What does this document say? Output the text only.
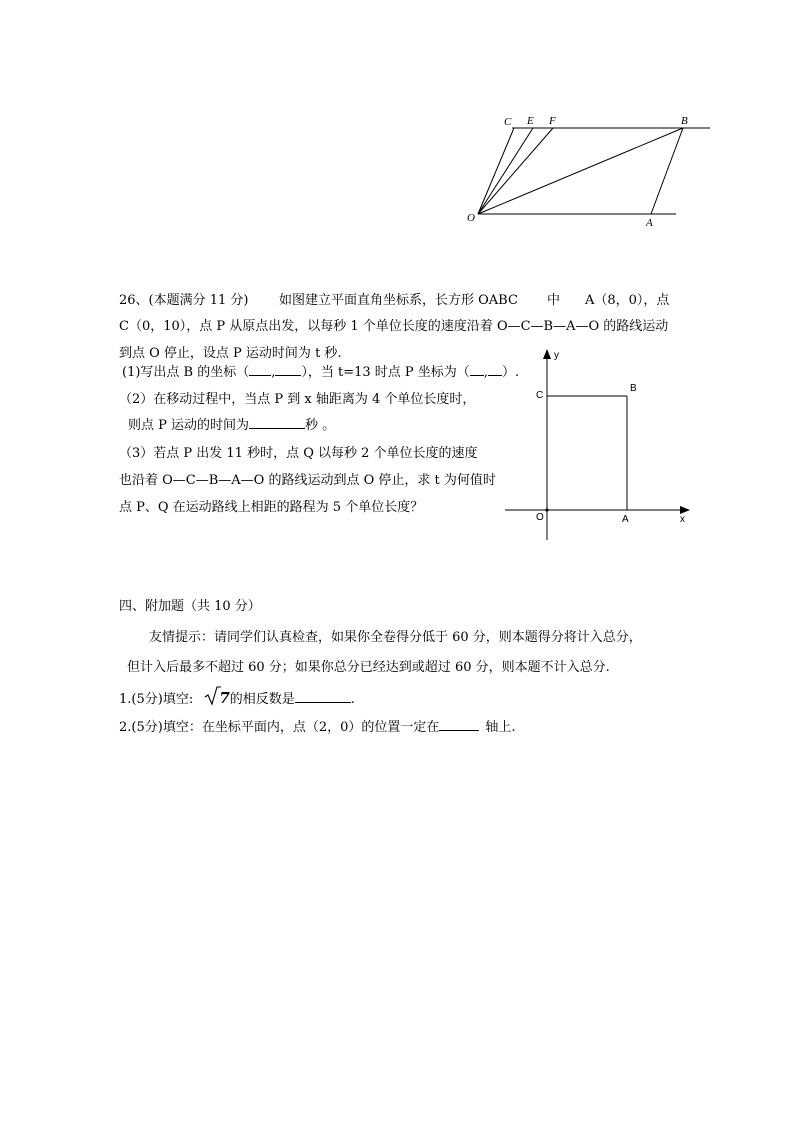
C E F	B
O	A
26、(本题满分 11 分) 如图建立平面直角坐标系，长方形 OABC 中 A（8，0），点
C（0，10），点 P 从原点出发，以每秒 1 个单位长度的速度沿着 O—C—B—A—O 的路线运动
到点 O 停止，设点 P 运动时间为 t 秒.
(1)写出点 B 的坐标（ , ），当 t=13 时点 P 坐标为（ , ）.
（2）在移动过程中，当点 P 到 x 轴距离为 4 个单位长度时，
则点 P 运动的时间为	秒 。
（3）若点 P 出发 11 秒时，点 Q 以每秒 2 个单位长度的速度
也沿着 O—C—B—A—O 的路线运动到点 O 停止，求 t 为何值时
点 P、Q 在运动路线上相距的路程为 5 个单位长度？
y
x
C
B
O	A
四、附加题（共 10 分）
友情提示：请同学们认真检查，如果你全卷得分低于 60 分，则本题得分将计入总分，
但计入后最多不超过 60 分；如果你总分已经达到或超过 60 分，则本题不计入总分.
1.(5分)填空: 7的相反数是	.
2.(5分)填空：在坐标平面内，点（2，0）的位置一定在	轴上.
